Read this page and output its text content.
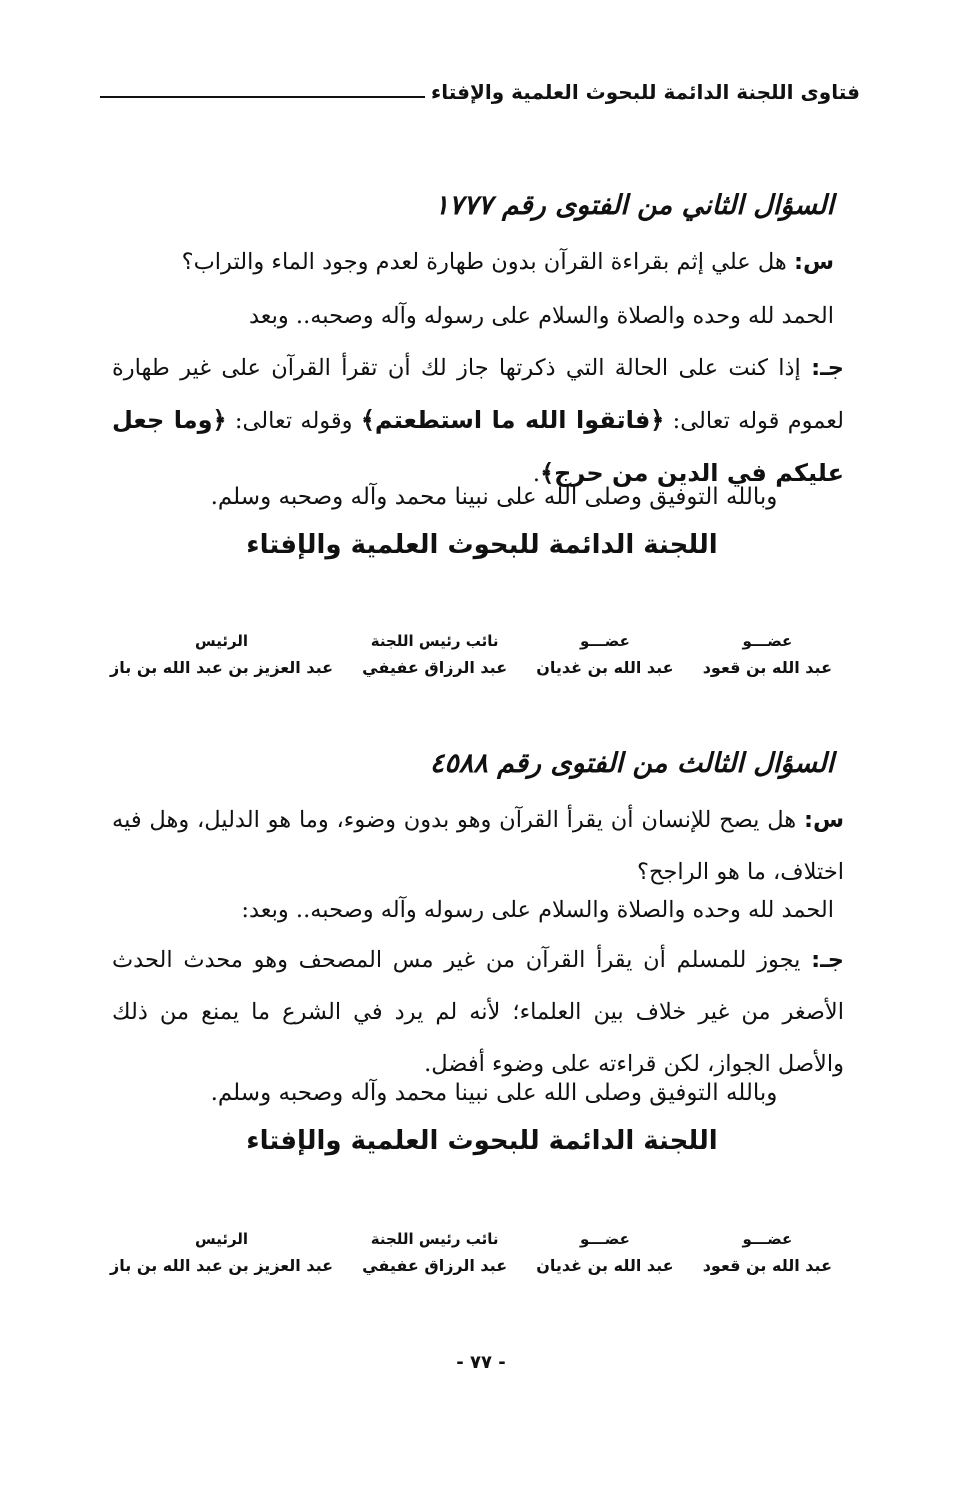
فتاوى اللجنة الدائمة للبحوث العلمية والإفتاء
السؤال الثاني من الفتوى رقم ١٧٧٧
س: هل علي إثم بقراءة القرآن بدون طهارة لعدم وجود الماء والتراب؟
الحمد لله وحده والصلاة والسلام على رسوله وآله وصحبه.. وبعد
جـ: إذا كنت على الحالة التي ذكرتها جاز لك أن تقرأ القرآن على غير طهارة لعموم قوله تعالى: ﴿فاتقوا الله ما استطعتم﴾ وقوله تعالى: ﴿وما جعل عليكم في الدين من حرج﴾.
وبالله التوفيق وصلى الله على نبينا محمد وآله وصحبه وسلم.
اللجنة الدائمة للبحوث العلمية والإفتاء
عضـــو
عبد الله بن قعود
عضـــو
عبد الله بن غديان
نائب رئيس اللجنة
عبد الرزاق عفيفي
الرئيس
عبد العزيز بن عبد الله بن باز
السؤال الثالث من الفتوى رقم ٤٥٨٨
س: هل يصح للإنسان أن يقرأ القرآن وهو بدون وضوء، وما هو الدليل، وهل فيه اختلاف، ما هو الراجح؟
الحمد لله وحده والصلاة والسلام على رسوله وآله وصحبه.. وبعد:
جـ: يجوز للمسلم أن يقرأ القرآن من غير مس المصحف وهو محدث الحدث الأصغر من غير خلاف بين العلماء؛ لأنه لم يرد في الشرع ما يمنع من ذلك والأصل الجواز، لكن قراءته على وضوء أفضل.
وبالله التوفيق وصلى الله على نبينا محمد وآله وصحبه وسلم.
اللجنة الدائمة للبحوث العلمية والإفتاء
عضـــو
عبد الله بن قعود
عضـــو
عبد الله بن غديان
نائب رئيس اللجنة
عبد الرزاق عفيفي
الرئيس
عبد العزيز بن عبد الله بن باز
- ٧٧ -
